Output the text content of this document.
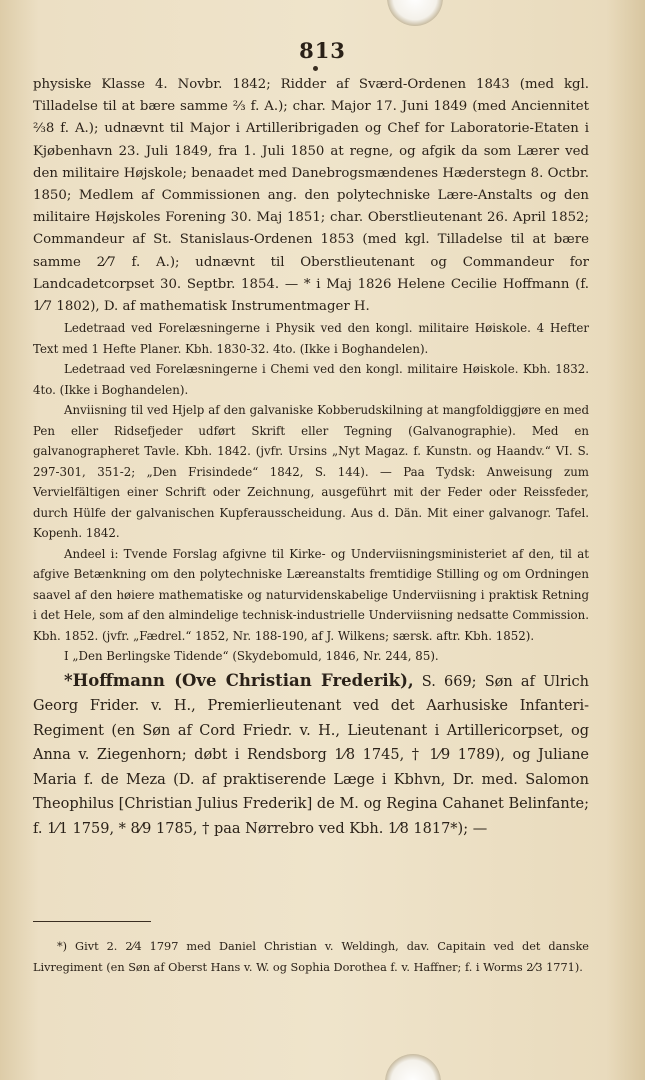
813

physiske Klasse 4. Novbr. 1842; Ridder af Sværd-Ordenen 1843 (med kgl. Tilladelse til at bære samme ⅔ f. A.); char. Major 17. Juni 1849 (med Anciennitet ⅔8 f. A.); udnævnt til Major i Artilleribrigaden og Chef for Laboratorie-Etaten i Kjøbenhavn 23. Juli 1849, fra 1. Juli 1850 at regne, og afgik da som Lærer ved den militaire Højskole; benaadet med Danebrogsmændenes Hæderstegn 8. Octbr. 1850; Medlem af Commissionen ang. den polytechniske Lære-Anstalts og den militaire Højskoles Forening 30. Maj 1851; char. Oberstlieutenant 26. April 1852; Commandeur af St. Stanislaus-Ordenen 1853 (med kgl. Tilladelse til at bære samme 2⁄7 f. A.); udnævnt til Oberstlieutenant og Commandeur for Landcadetcorpset 30. Septbr. 1854. — * i Maj 1826 Helene Cecilie Hoffmann (f. 1⁄7 1802), D. af mathematisk Instrumentmager H.

Ledetraad ved Forelæsningerne i Physik ved den kongl. militaire Høiskole. 4 Hefter Text med 1 Hefte Planer. Kbh. 1830-32. 4to. (Ikke i Boghandelen).

Ledetraad ved Forelæsningerne i Chemi ved den kongl. militaire Høiskole. Kbh. 1832. 4to. (Ikke i Boghandelen).

Anviisning til ved Hjelp af den galvaniske Kobberudskilning at mangfoldiggjøre en med Pen eller Ridsefjeder udført Skrift eller Tegning (Galvanographie). Med en galvanographeret Tavle. Kbh. 1842. (jvfr. Ursins „Nyt Magaz. f. Kunstn. og Haandv.“ VI. S. 297-301, 351-2; „Den Frisindede“ 1842, S. 144). — Paa Tydsk: Anweisung zum Vervielfältigen einer Schrift oder Zeichnung, ausgeführt mit der Feder oder Reissfeder, durch Hülfe der galvanischen Kupferausscheidung. Aus d. Dän. Mit einer galvanogr. Tafel. Kopenh. 1842.

Andeel i: Tvende Forslag afgivne til Kirke- og Underviisningsministeriet af den, til at afgive Betænkning om den polytechniske Læreanstalts fremtidige Stilling og om Ordningen saavel af den høiere mathematiske og naturvidenskabelige Underviisning i praktisk Retning i det Hele, som af den almindelige technisk-industrielle Underviisning nedsatte Commission. Kbh. 1852. (jvfr. „Fædrel.“ 1852, Nr. 188-190, af J. Wilkens; særsk. aftr. Kbh. 1852).

I „Den Berlingske Tidende“ (Skydebomuld, 1846, Nr. 244, 85).

*Hoffmann (Ove Christian Frederik), S. 669; Søn af Ulrich Georg Frider. v. H., Premierlieutenant ved det Aarhusiske Infanteri-Regiment (en Søn af Cord Friedr. v. H., Lieutenant i Artillericorpset, og Anna v. Ziegenhorn; døbt i Rendsborg 1⁄8 1745, † 1⁄9 1789), og Juliane Maria f. de Meza (D. af praktiserende Læge i Kbhvn, Dr. med. Salomon Theophilus [Christian Julius Frederik] de M. og Regina Cahanet Belinfante; f. 1⁄1 1759, * 8⁄9 1785, † paa Nørrebro ved Kbh. 1⁄8 1817*); —

*) Givt 2. 2⁄4 1797 med Daniel Christian v. Weldingh, dav. Capitain ved det danske Livregiment (en Søn af Oberst Hans v. W. og Sophia Dorothea f. v. Haffner; f. i Worms 2⁄3 1771).
